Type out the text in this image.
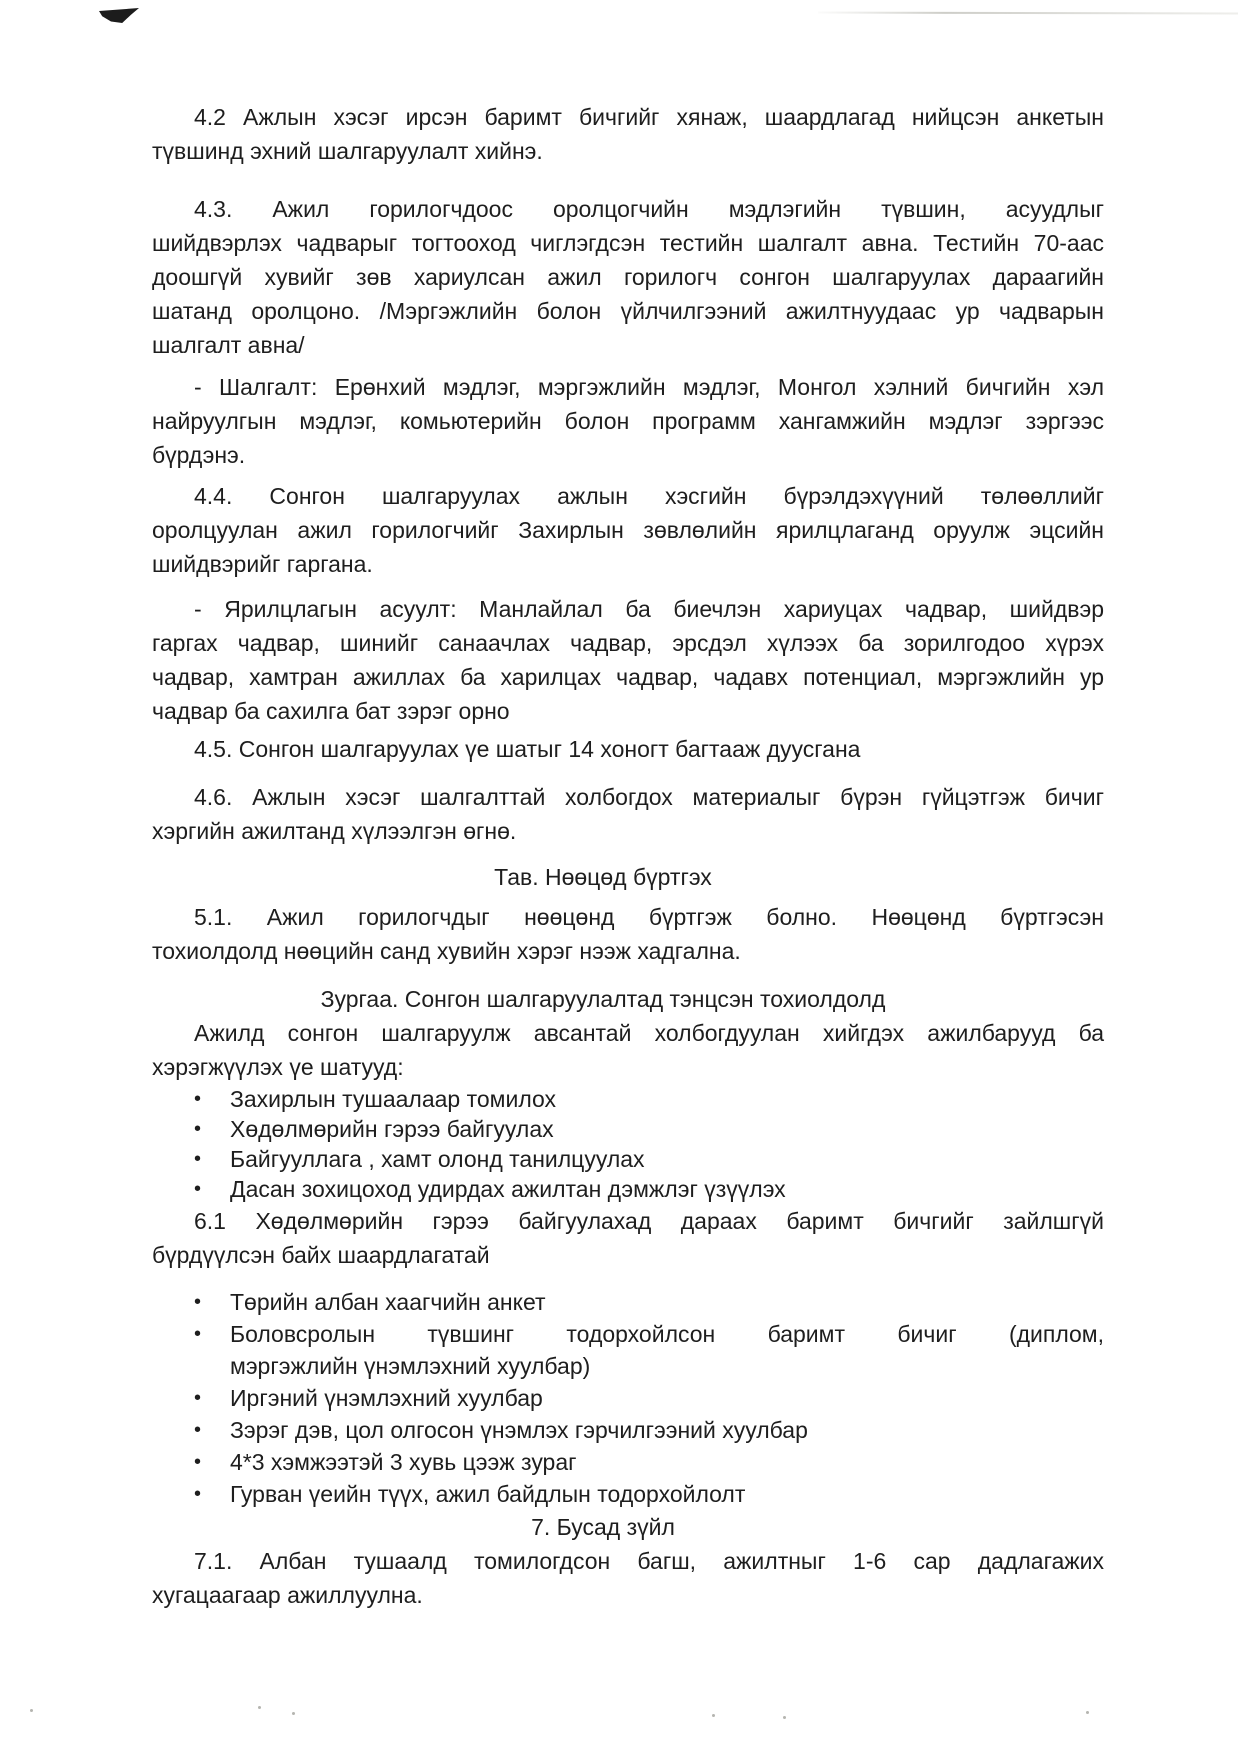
4.2 Ажлын хэсэг ирсэн баримт бичгийг хянаж, шаардлагад нийцсэн анкетын
түвшинд эхний шалгаруулалт хийнэ.
4.3. Ажил горилогчдоос оролцогчийн мэдлэгийн түвшин, асуудлыг
шийдвэрлэх чадварыг тогтооход чиглэгдсэн тестийн шалгалт авна. Тестийн 70-аас
доошгүй хувийг зөв хариулсан ажил горилогч сонгон шалгаруулах дараагийн
шатанд оролцоно. /Мэргэжлийн болон үйлчилгээний ажилтнуудаас ур чадварын
шалгалт авна/
- Шалгалт: Ерөнхий мэдлэг, мэргэжлийн мэдлэг, Монгол хэлний бичгийн хэл
найруулгын мэдлэг, комьютерийн болон программ хангамжийн мэдлэг зэргээс
бүрдэнэ.
4.4. Сонгон шалгаруулах ажлын хэсгийн бүрэлдэхүүний төлөөллийг
оролцуулан ажил горилогчийг Захирлын зөвлөлийн ярилцлаганд оруулж эцсийн
шийдвэрийг гаргана.
- Ярилцлагын асуулт: Манлайлал ба биечлэн хариуцах чадвар, шийдвэр
гаргах чадвар, шинийг санаачлах чадвар, эрсдэл хүлээх ба зорилгодоо хүрэх
чадвар, хамтран ажиллах ба харилцах чадвар, чадавх потенциал, мэргэжлийн ур
чадвар ба сахилга бат зэрэг орно
4.5. Сонгон шалгаруулах үе шатыг 14 хоногт багтааж дуусгана
4.6. Ажлын хэсэг шалгалттай холбогдох материалыг бүрэн гүйцэтгэж бичиг
хэргийн ажилтанд хүлээлгэн өгнө.
Тав. Нөөцөд бүртгэх
5.1. Ажил горилогчдыг нөөцөнд бүртгэж болно. Нөөцөнд бүртгэсэн
тохиолдолд нөөцийн санд хувийн хэрэг нээж хадгална.
Зургаа. Сонгон шалгаруулалтад тэнцсэн тохиолдолд
Ажилд сонгон шалгаруулж авсантай холбогдуулан хийгдэх ажилбарууд ба
хэрэгжүүлэх үе шатууд:
• Захирлын тушаалаар томилох
• Хөдөлмөрийн гэрээ байгуулах
• Байгууллага , хамт олонд танилцуулах
• Дасан зохицоход удирдах ажилтан дэмжлэг үзүүлэх
6.1 Хөдөлмөрийн гэрээ байгуулахад дараах баримт бичгийг зайлшгүй
бүрдүүлсэн байх шаардлагатай
• Төрийн албан хаагчийн анкет
• Боловсролын түвшинг тодорхойлсон баримт бичиг (диплом,
мэргэжлийн үнэмлэхний хуулбар)
• Иргэний үнэмлэхний хуулбар
• Зэрэг дэв, цол олгосон үнэмлэх гэрчилгээний хуулбар
• 4*3 хэмжээтэй 3 хувь цээж зураг
• Гурван үеийн түүх, ажил байдлын тодорхойлолт
7. Бусад зүйл
7.1. Албан тушаалд томилогдсон багш, ажилтныг 1-6 сар дадлагажих
хугацаагаар ажиллуулна.
